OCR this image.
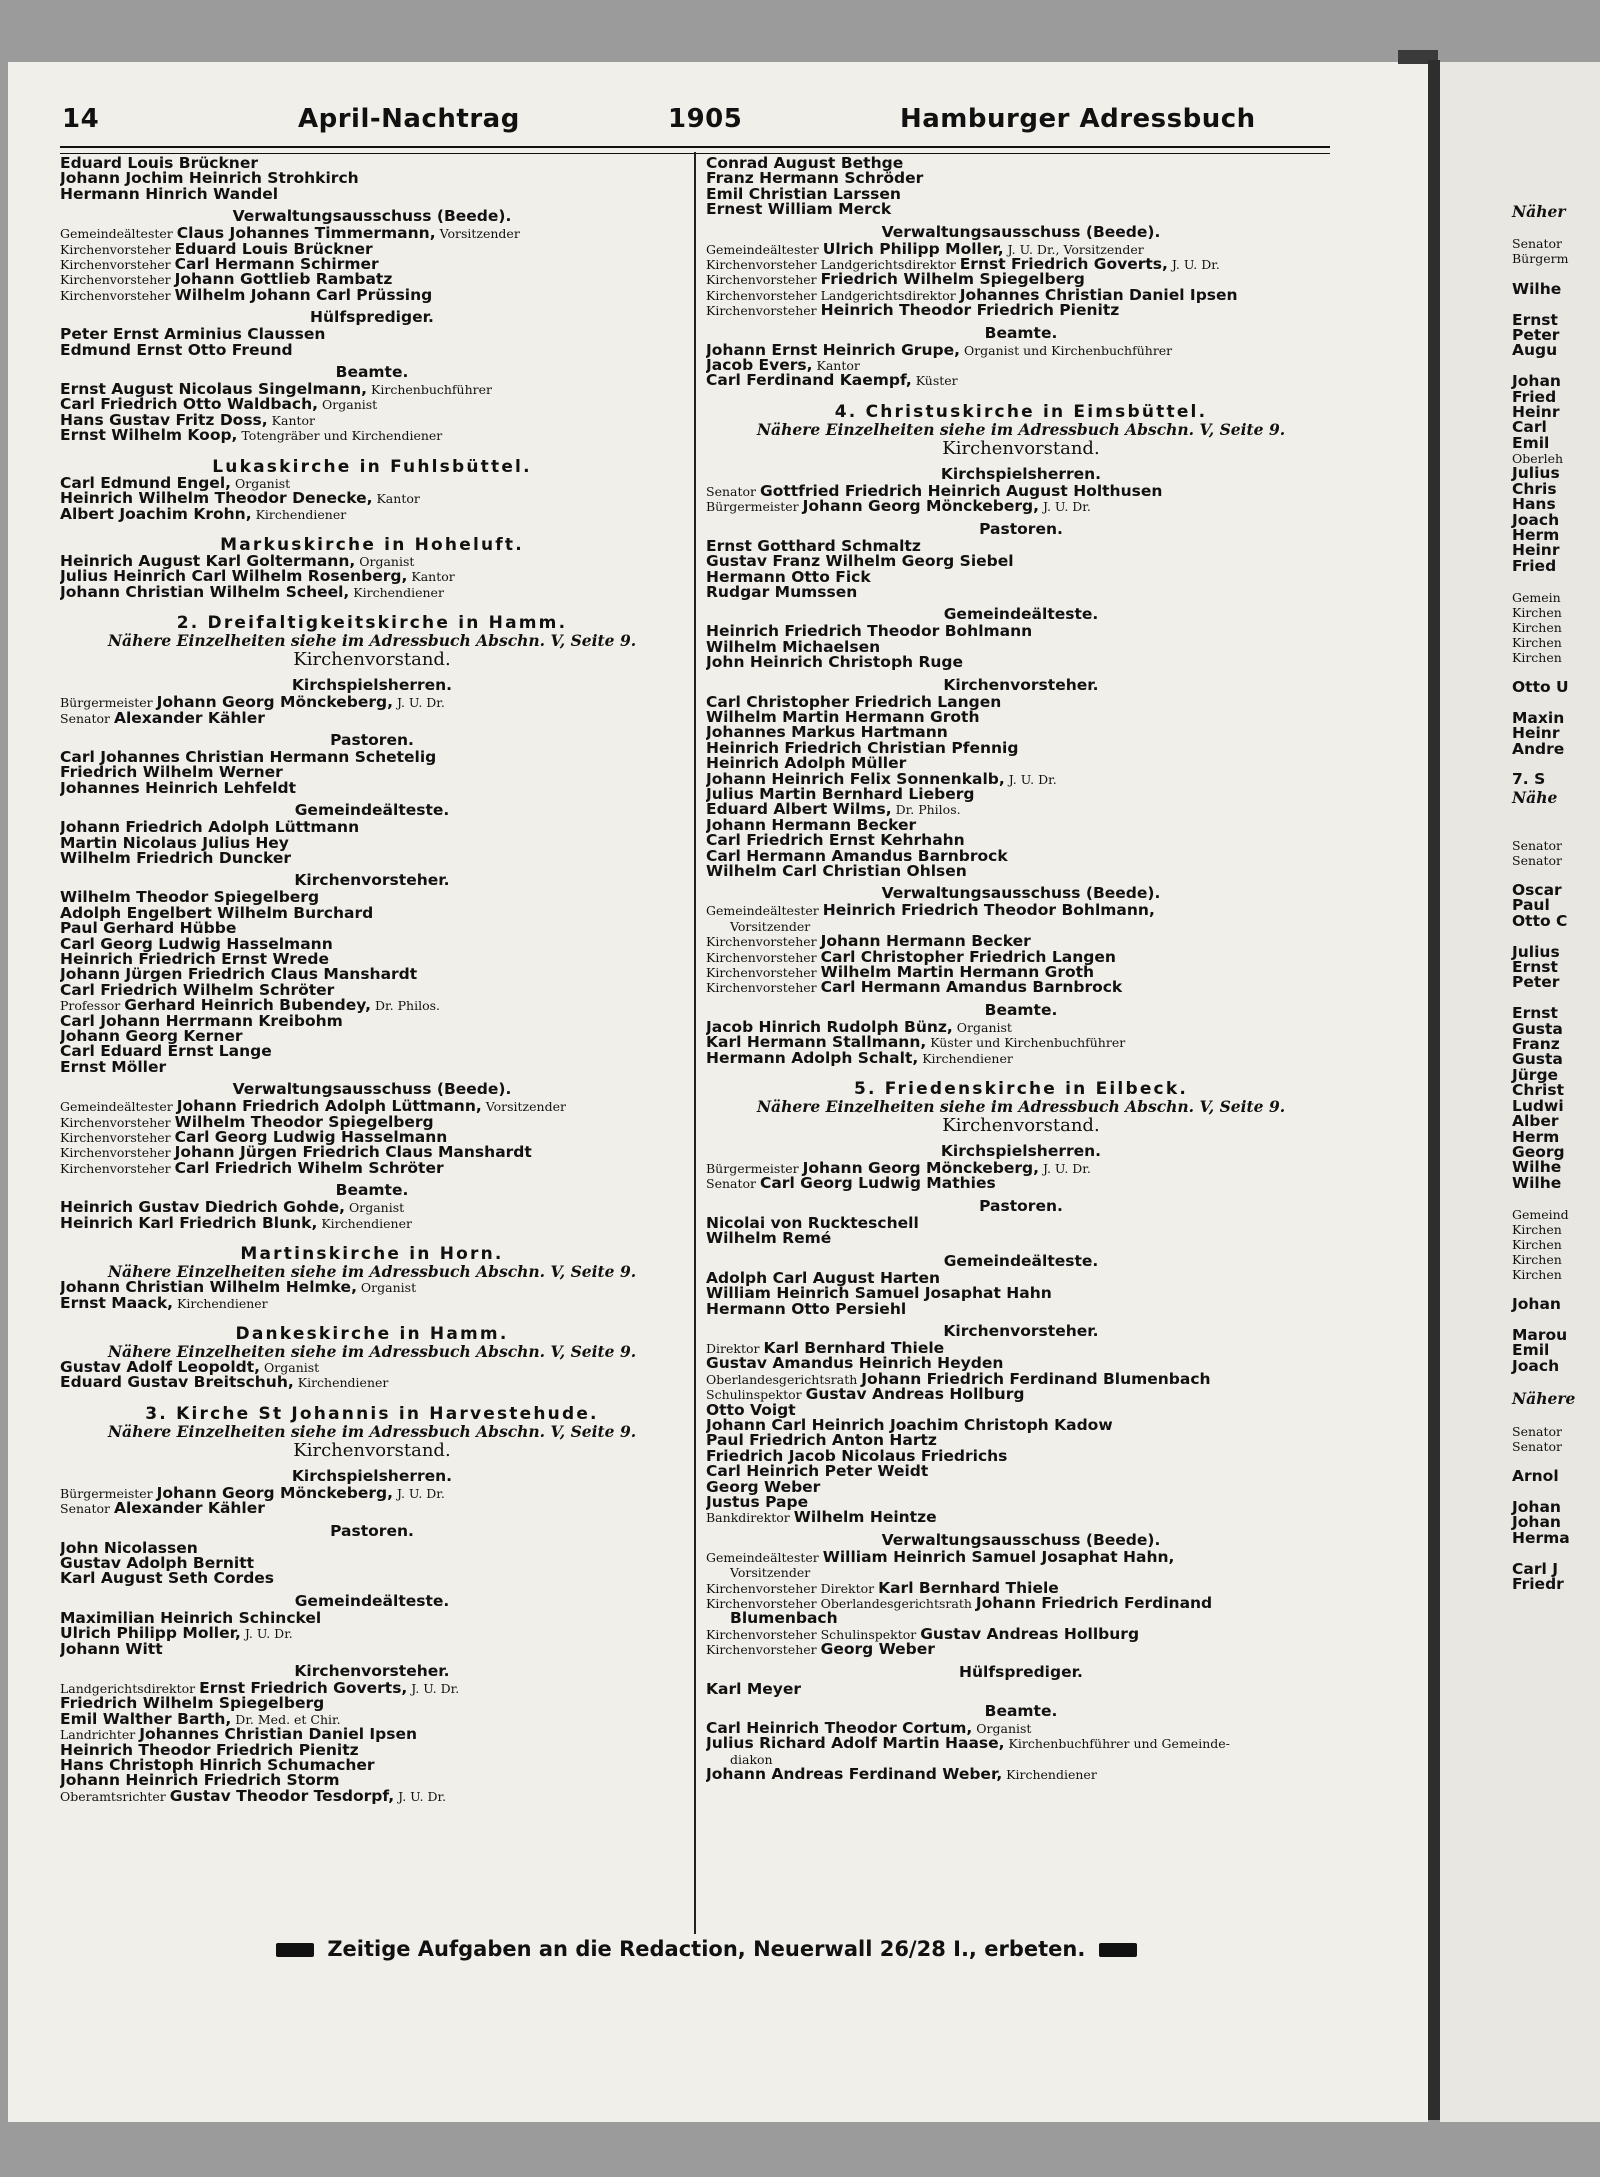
Näher

Senator
Bürgerm

Wilhe

Ernst
Peter
Augu

Johan
Fried
Heinr
Carl
Emil
Oberleh
Julius
Chris
Hans
Joach
Herm
Heinr
Fried

Gemein
Kirchen
Kirchen
Kirchen
Kirchen

Otto U

Maxin
Heinr
Andre

7. S
Nähe

Senator
Senator

Oscar
Paul
Otto C

Julius
Ernst
Peter

Ernst
Gusta
Franz
Gusta
Jürge
Christ
Ludwi
Alber
Herm
Georg
Wilhe
Wilhe

Gemeind
Kirchen
Kirchen
Kirchen
Kirchen

Johan

Marou
Emil
Joach

Nähere

Senator
Senator

Arnol

Johan
Johan
Herma

Carl J
Friedr
14	April-Nachtrag	1905	Hamburger Adressbuch
Eduard Louis Brückner
Johann Jochim Heinrich Strohkirch
Hermann Hinrich Wandel
Verwaltungsausschuss (Beede).
Gemeindeältester Claus Johannes Timmermann, Vorsitzender
Kirchenvorsteher Eduard Louis Brückner
Kirchenvorsteher Carl Hermann Schirmer
Kirchenvorsteher Johann Gottlieb Rambatz
Kirchenvorsteher Wilhelm Johann Carl Prüssing
Hülfsprediger.
Peter Ernst Arminius Claussen
Edmund Ernst Otto Freund
Beamte.
Ernst August Nicolaus Singelmann, Kirchenbuchführer
Carl Friedrich Otto Waldbach, Organist
Hans Gustav Fritz Doss, Kantor
Ernst Wilhelm Koop, Totengräber und Kirchendiener
Lukaskirche in Fuhlsbüttel.
Carl Edmund Engel, Organist
Heinrich Wilhelm Theodor Denecke, Kantor
Albert Joachim Krohn, Kirchendiener
Markuskirche in Hoheluft.
Heinrich August Karl Goltermann, Organist
Julius Heinrich Carl Wilhelm Rosenberg, Kantor
Johann Christian Wilhelm Scheel, Kirchendiener
2. Dreifaltigkeitskirche in Hamm.
Nähere Einzelheiten siehe im Adressbuch Abschn. V, Seite 9.
Kirchenvorstand.
Kirchspielsherren.
Bürgermeister Johann Georg Mönckeberg, J. U. Dr.
Senator Alexander Kähler
Pastoren.
Carl Johannes Christian Hermann Schetelig
Friedrich Wilhelm Werner
Johannes Heinrich Lehfeldt
Gemeindeälteste.
Johann Friedrich Adolph Lüttmann
Martin Nicolaus Julius Hey
Wilhelm Friedrich Duncker
Kirchenvorsteher.
Wilhelm Theodor Spiegelberg
Adolph Engelbert Wilhelm Burchard
Paul Gerhard Hübbe
Carl Georg Ludwig Hasselmann
Heinrich Friedrich Ernst Wrede
Johann Jürgen Friedrich Claus Manshardt
Carl Friedrich Wilhelm Schröter
Professor Gerhard Heinrich Bubendey, Dr. Philos.
Carl Johann Herrmann Kreibohm
Johann Georg Kerner
Carl Eduard Ernst Lange
Ernst Möller
Verwaltungsausschuss (Beede).
Gemeindeältester Johann Friedrich Adolph Lüttmann, Vorsitzender
Kirchenvorsteher Wilhelm Theodor Spiegelberg
Kirchenvorsteher Carl Georg Ludwig Hasselmann
Kirchenvorsteher Johann Jürgen Friedrich Claus Manshardt
Kirchenvorsteher Carl Friedrich Wihelm Schröter
Beamte.
Heinrich Gustav Diedrich Gohde, Organist
Heinrich Karl Friedrich Blunk, Kirchendiener
Martinskirche in Horn.
Nähere Einzelheiten siehe im Adressbuch Abschn. V, Seite 9.
Johann Christian Wilhelm Helmke, Organist
Ernst Maack, Kirchendiener
Dankeskirche in Hamm.
Nähere Einzelheiten siehe im Adressbuch Abschn. V, Seite 9.
Gustav Adolf Leopoldt, Organist
Eduard Gustav Breitschuh, Kirchendiener
3. Kirche St Johannis in Harvestehude.
Nähere Einzelheiten siehe im Adressbuch Abschn. V, Seite 9.
Kirchenvorstand.
Kirchspielsherren.
Bürgermeister Johann Georg Mönckeberg, J. U. Dr.
Senator Alexander Kähler
Pastoren.
John Nicolassen
Gustav Adolph Bernitt
Karl August Seth Cordes
Gemeindeälteste.
Maximilian Heinrich Schinckel
Ulrich Philipp Moller, J. U. Dr.
Johann Witt
Kirchenvorsteher.
Landgerichtsdirektor Ernst Friedrich Goverts, J. U. Dr.
Friedrich Wilhelm Spiegelberg
Emil Walther Barth, Dr. Med. et Chir.
Landrichter Johannes Christian Daniel Ipsen
Heinrich Theodor Friedrich Pienitz
Hans Christoph Hinrich Schumacher
Johann Heinrich Friedrich Storm
Oberamtsrichter Gustav Theodor Tesdorpf, J. U. Dr.
Conrad August Bethge
Franz Hermann Schröder
Emil Christian Larssen
Ernest William Merck
Verwaltungsausschuss (Beede).
Gemeindeältester Ulrich Philipp Moller, J. U. Dr., Vorsitzender
Kirchenvorsteher Landgerichtsdirektor Ernst Friedrich Goverts, J. U. Dr.
Kirchenvorsteher Friedrich Wilhelm Spiegelberg
Kirchenvorsteher Landgerichtsdirektor Johannes Christian Daniel Ipsen
Kirchenvorsteher Heinrich Theodor Friedrich Pienitz
Beamte.
Johann Ernst Heinrich Grupe, Organist und Kirchenbuchführer
Jacob Evers, Kantor
Carl Ferdinand Kaempf, Küster
4. Christuskirche in Eimsbüttel.
Nähere Einzelheiten siehe im Adressbuch Abschn. V, Seite 9.
Kirchenvorstand.
Kirchspielsherren.
Senator Gottfried Friedrich Heinrich August Holthusen
Bürgermeister Johann Georg Mönckeberg, J. U. Dr.
Pastoren.
Ernst Gotthard Schmaltz
Gustav Franz Wilhelm Georg Siebel
Hermann Otto Fick
Rudgar Mumssen
Gemeindeälteste.
Heinrich Friedrich Theodor Bohlmann
Wilhelm Michaelsen
John Heinrich Christoph Ruge
Kirchenvorsteher.
Carl Christopher Friedrich Langen
Wilhelm Martin Hermann Groth
Johannes Markus Hartmann
Heinrich Friedrich Christian Pfennig
Heinrich Adolph Müller
Johann Heinrich Felix Sonnenkalb, J. U. Dr.
Julius Martin Bernhard Lieberg
Eduard Albert Wilms, Dr. Philos.
Johann Hermann Becker
Carl Friedrich Ernst Kehrhahn
Carl Hermann Amandus Barnbrock
Wilhelm Carl Christian Ohlsen
Verwaltungsausschuss (Beede).
Gemeindeältester Heinrich Friedrich Theodor Bohlmann,
Vorsitzender
Kirchenvorsteher Johann Hermann Becker
Kirchenvorsteher Carl Christopher Friedrich Langen
Kirchenvorsteher Wilhelm Martin Hermann Groth
Kirchenvorsteher Carl Hermann Amandus Barnbrock
Beamte.
Jacob Hinrich Rudolph Bünz, Organist
Karl Hermann Stallmann, Küster und Kirchenbuchführer
Hermann Adolph Schalt, Kirchendiener
5. Friedenskirche in Eilbeck.
Nähere Einzelheiten siehe im Adressbuch Abschn. V, Seite 9.
Kirchenvorstand.
Kirchspielsherren.
Bürgermeister Johann Georg Mönckeberg, J. U. Dr.
Senator Carl Georg Ludwig Mathies
Pastoren.
Nicolai von Ruckteschell
Wilhelm Remé
Gemeindeälteste.
Adolph Carl August Harten
William Heinrich Samuel Josaphat Hahn
Hermann Otto Persiehl
Kirchenvorsteher.
Direktor Karl Bernhard Thiele
Gustav Amandus Heinrich Heyden
Oberlandesgerichtsrath Johann Friedrich Ferdinand Blumenbach
Schulinspektor Gustav Andreas Hollburg
Otto Voigt
Johann Carl Heinrich Joachim Christoph Kadow
Paul Friedrich Anton Hartz
Friedrich Jacob Nicolaus Friedrichs
Carl Heinrich Peter Weidt
Georg Weber
Justus Pape
Bankdirektor Wilhelm Heintze
Verwaltungsausschuss (Beede).
Gemeindeältester William Heinrich Samuel Josaphat Hahn,
Vorsitzender
Kirchenvorsteher Direktor Karl Bernhard Thiele
Kirchenvorsteher Oberlandesgerichtsrath Johann Friedrich Ferdinand
Blumenbach
Kirchenvorsteher Schulinspektor Gustav Andreas Hollburg
Kirchenvorsteher Georg Weber
Hülfsprediger.
Karl Meyer
Beamte.
Carl Heinrich Theodor Cortum, Organist
Julius Richard Adolf Martin Haase, Kirchenbuchführer und Gemeinde-
diakon
Johann Andreas Ferdinand Weber, Kirchendiener
Zeitige Aufgaben an die Redaction, Neuerwall 26/28 I., erbeten.
